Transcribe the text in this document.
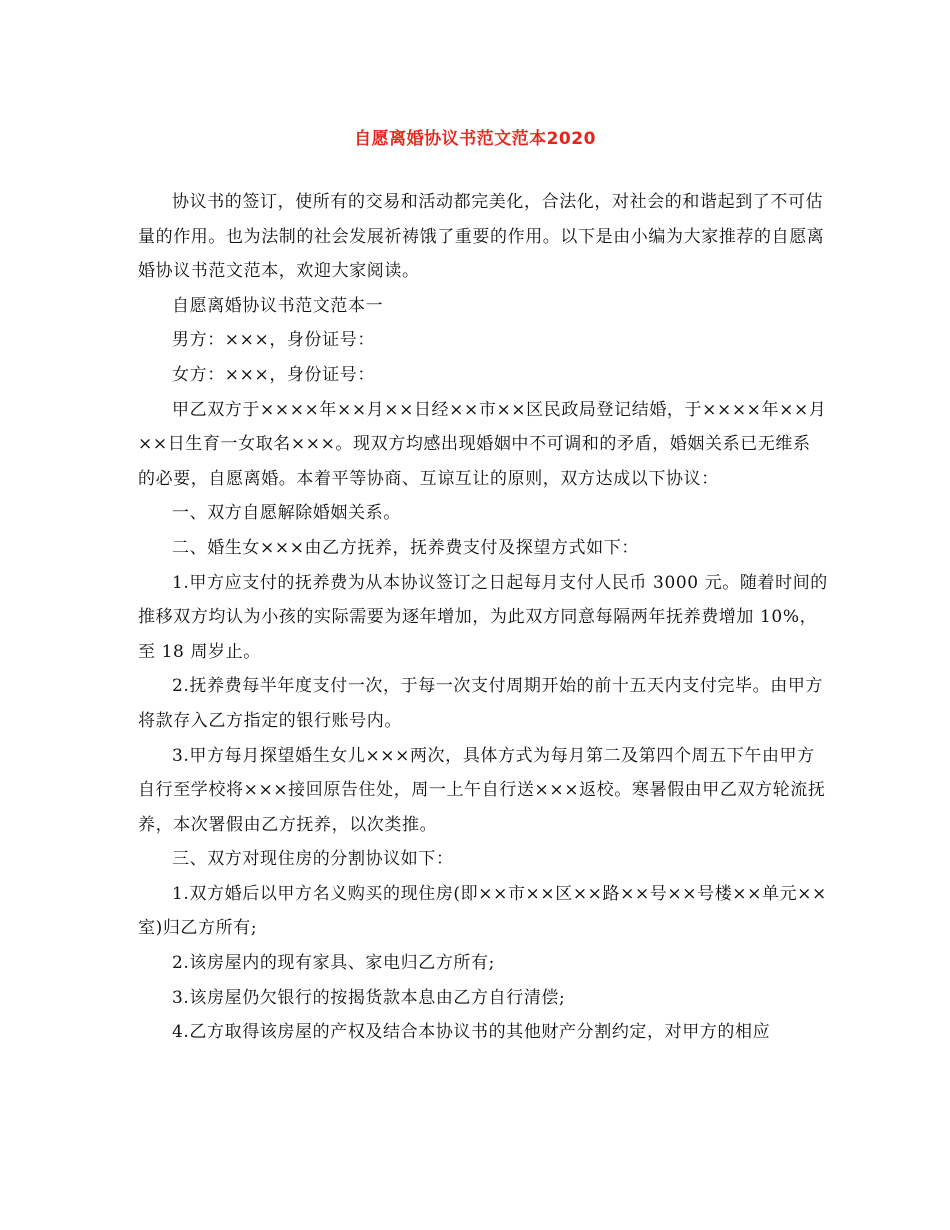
自愿离婚协议书范文范本2020

协议书的签订，使所有的交易和活动都完美化，合法化，对社会的和谐起到了不可估量的作用。也为法制的社会发展祈祷饿了重要的作用。以下是由小编为大家推荐的自愿离婚协议书范文范本，欢迎大家阅读。

自愿离婚协议书范文范本一

男方：×××，身份证号：

女方：×××，身份证号：

甲乙双方于××××年××月××日经××市××区民政局登记结婚，于××××年××月××日生育一女取名×××。现双方均感出现婚姻中不可调和的矛盾，婚姻关系已无维系的必要，自愿离婚。本着平等协商、互谅互让的原则，双方达成以下协议：

一、双方自愿解除婚姻关系。

二、婚生女×××由乙方抚养，抚养费支付及探望方式如下：

1.甲方应支付的抚养费为从本协议签订之日起每月支付人民币 3000 元。随着时间的推移双方均认为小孩的实际需要为逐年增加，为此双方同意每隔两年抚养费增加 10%，至 18 周岁止。

2.抚养费每半年度支付一次，于每一次支付周期开始的前十五天内支付完毕。由甲方将款存入乙方指定的银行账号内。

3.甲方每月探望婚生女儿×××两次，具体方式为每月第二及第四个周五下午由甲方自行至学校将×××接回原告住处，周一上午自行送×××返校。寒暑假由甲乙双方轮流抚养，本次署假由乙方抚养，以次类推。

三、双方对现住房的分割协议如下：

1.双方婚后以甲方名义购买的现住房(即××市××区××路××号××号楼××单元××室)归乙方所有;

2.该房屋内的现有家具、家电归乙方所有;

3.该房屋仍欠银行的按揭货款本息由乙方自行清偿;

4.乙方取得该房屋的产权及结合本协议书的其他财产分割约定，对甲方的相应
